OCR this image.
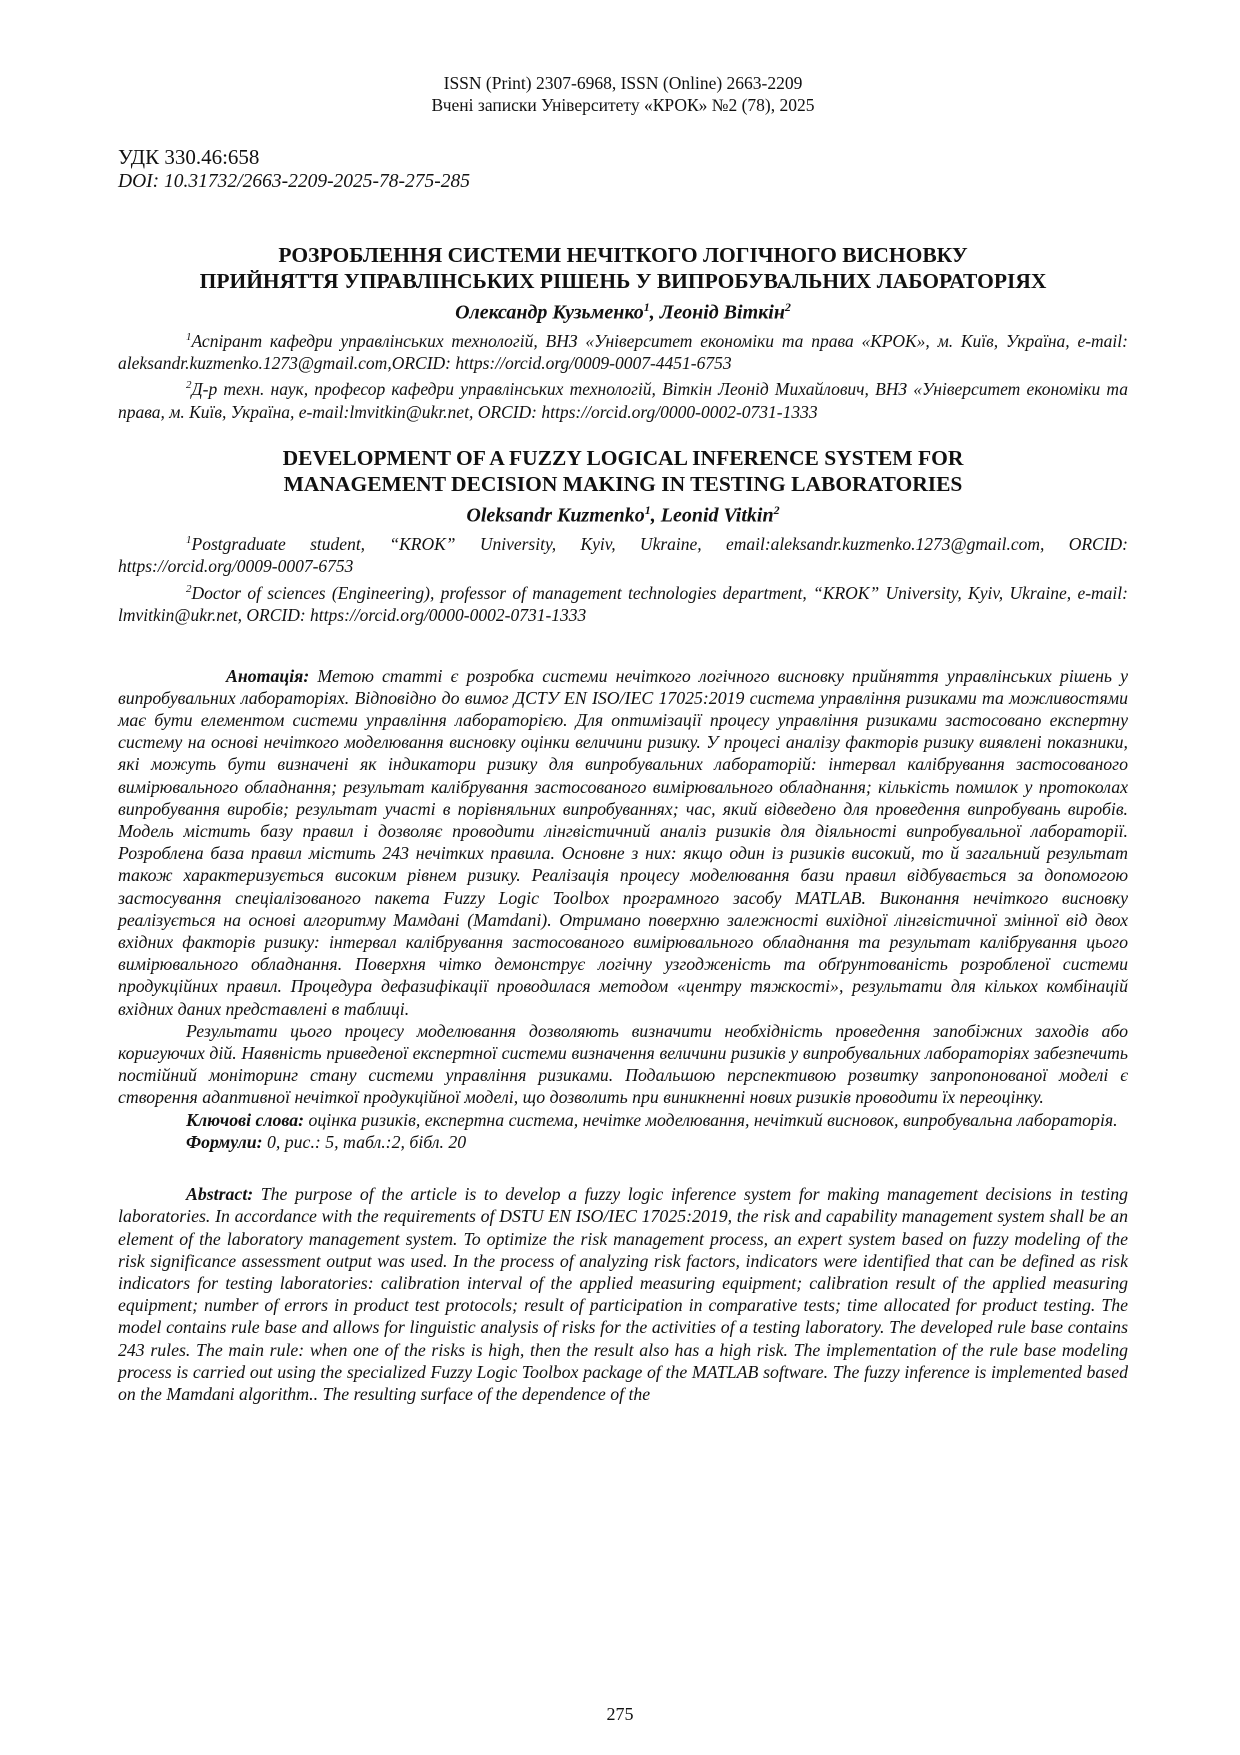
ISSN (Print) 2307-6968, ISSN (Online) 2663-2209
Вчені записки Університету «КРОК» №2 (78), 2025
УДК 330.46:658
DOI: 10.31732/2663-2209-2025-78-275-285
РОЗРОБЛЕННЯ СИСТЕМИ НЕЧІТКОГО ЛОГІЧНОГО ВИСНОВКУ
ПРИЙНЯТТЯ УПРАВЛІНСЬКИХ РІШЕНЬ У ВИПРОБУВАЛЬНИХ ЛАБОРАТОРІЯХ
Олександр Кузьменко$^1$, Леонід Віткін$^2$
$^1$Аспірант кафедри управлінських технологій, ВНЗ «Університет економіки та права «КРОК», м. Київ, Україна, e-mail: aleksandr.kuzmenko.1273@gmail.com,ORCID: https://orcid.org/0009-0007-4451-6753
$^2$Д-р техн. наук, професор кафедри управлінських технологій, Віткін Леонід Михайлович, ВНЗ «Університет економіки та права, м. Київ, Україна, e-mail:lmvitkin@ukr.net, ORCID: https://orcid.org/0000-0002-0731-1333
DEVELOPMENT OF A FUZZY LOGICAL INFERENCE SYSTEM FOR
MANAGEMENT DECISION MAKING IN TESTING LABORATORIES
Oleksandr Kuzmenko$^1$, Leonid Vitkin$^2$
$^1$Postgraduate student, “KROK” University, Kyiv, Ukraine, email:aleksandr.kuzmenko.1273@gmail.com, ORCID: https://orcid.org/0009-0007-6753
$^2$Doctor of sciences (Engineering), professor of management technologies department, “KROK” University, Kyiv, Ukraine, e-mail: lmvitkin@ukr.net, ORCID: https://orcid.org/0000-0002-0731-1333
Анотація: Метою статті є розробка системи нечіткого логічного висновку прийняття управлінських рішень у випробувальних лабораторіях. Відповідно до вимог ДСТУ EN ISO/IEC 17025:2019 система управління ризиками та можливостями має бути елементом системи управління лабораторією. Для оптимізації процесу управління ризиками застосовано експертну систему на основі нечіткого моделювання висновку оцінки величини ризику. У процесі аналізу факторів ризику виявлені показники, які можуть бути визначені як індикатори ризику для випробувальних лабораторій: інтервал калібрування застосованого вимірювального обладнання; результат калібрування застосованого вимірювального обладнання; кількість помилок у протоколах випробування виробів; результат участі в порівняльних випробуваннях; час, який відведено для проведення випробувань виробів. Модель містить базу правил і дозволяє проводити лінгвістичний аналіз ризиків для діяльності випробувальної лабораторії. Розроблена база правил містить 243 нечітких правила. Основне з них: якщо один із ризиків високий, то й загальний результат також характеризується високим рівнем ризику. Реалізація процесу моделювання бази правил відбувається за допомогою застосування спеціалізованого пакета Fuzzy Logic Toolbox програмного засобу MATLAB. Виконання нечіткого висновку реалізується на основі алгоритму Мамдані (Mamdani). Отримано поверхню залежності вихідної лінгвістичної змінної від двох вхідних факторів ризику: інтервал калібрування застосованого вимірювального обладнання та результат калібрування цього вимірювального обладнання. Поверхня чітко демонструє логічну узгодженість та обґрунтованість розробленої системи продукційних правил. Процедура дефазифікації проводилася методом «центру тяжкості», результати для кількох комбінацій вхідних даних представлені в таблиці.
Результати цього процесу моделювання дозволяють визначити необхідність проведення запобіжних заходів або коригуючих дій. Наявність приведеної експертної системи визначення величини ризиків у випробувальних лабораторіях забезпечить постійний моніторинг стану системи управління ризиками. Подальшою перспективою розвитку запропонованої моделі є створення адаптивної нечіткої продукційної моделі, що дозволить при виникненні нових ризиків проводити їх переоцінку.
Ключові слова: оцінка ризиків, експертна система, нечітке моделювання, нечіткий висновок, випробувальна лабораторія.
Формули: 0, рис.: 5, табл.:2, бібл. 20
Abstract: The purpose of the article is to develop a fuzzy logic inference system for making management decisions in testing laboratories. In accordance with the requirements of DSTU EN ISO/IEC 17025:2019, the risk and capability management system shall be an element of the laboratory management system. To optimize the risk management process, an expert system based on fuzzy modeling of the risk significance assessment output was used. In the process of analyzing risk factors, indicators were identified that can be defined as risk indicators for testing laboratories: calibration interval of the applied measuring equipment; calibration result of the applied measuring equipment; number of errors in product test protocols; result of participation in comparative tests; time allocated for product testing. The model contains rule base and allows for linguistic analysis of risks for the activities of a testing laboratory. The developed rule base contains 243 rules. The main rule: when one of the risks is high, then the result also has a high risk. The implementation of the rule base modeling process is carried out using the specialized Fuzzy Logic Toolbox package of the MATLAB software. The fuzzy inference is implemented based on the Mamdani algorithm.. The resulting surface of the dependence of the
275
